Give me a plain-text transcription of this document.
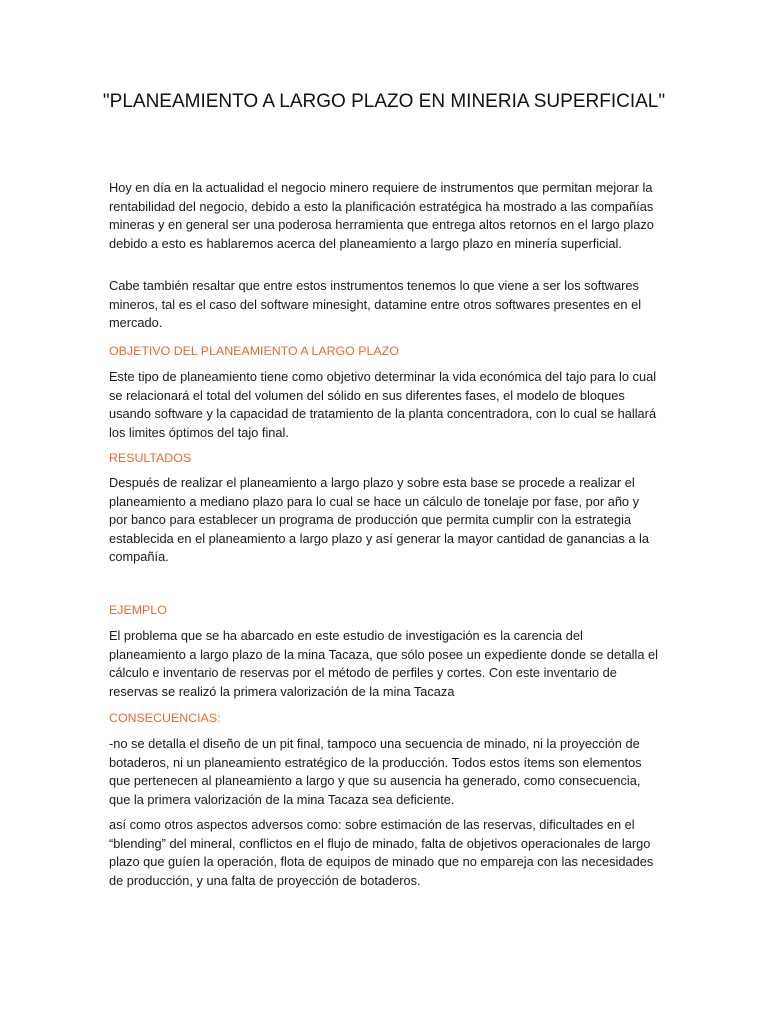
"PLANEAMIENTO A LARGO PLAZO EN MINERIA SUPERFICIAL"

Hoy en día en la actualidad el negocio minero requiere de instrumentos que permitan mejorar la rentabilidad del negocio, debido a esto la planificación estratégica ha mostrado a las compañías mineras y en general ser una poderosa herramienta que entrega altos retornos en el largo plazo debido a esto es hablaremos acerca del planeamiento a largo plazo en minería superficial.

Cabe también resaltar que entre estos instrumentos tenemos lo que viene a ser los softwares mineros, tal es el caso del software minesight, datamine entre otros softwares presentes en el mercado.

OBJETIVO DEL PLANEAMIENTO A LARGO PLAZO

Este tipo de planeamiento tiene como objetivo determinar la vida económica del tajo para lo cual se relacionará el total del volumen del sólido en sus diferentes fases, el modelo de bloques usando software y la capacidad de tratamiento de la planta concentradora, con lo cual se hallará los limites óptimos del tajo final.

RESULTADOS

Después de realizar el planeamiento a largo plazo y sobre esta base se procede a realizar el planeamiento a mediano plazo para lo cual se hace un cálculo de tonelaje por fase, por año y por banco para establecer un programa de producción que permita cumplir con la estrategia establecida en el planeamiento a largo plazo y así generar la mayor cantidad de ganancias a la compañía.

EJEMPLO

El problema que se ha abarcado en este estudio de investigación es la carencia del planeamiento a largo plazo de la mina Tacaza, que sólo posee un expediente donde se detalla el cálculo e inventario de reservas por el método de perfiles y cortes. Con este inventario de reservas se realizó la primera valorización de la mina Tacaza

CONSECUENCIAS:

-no se detalla el diseño de un pit final, tampoco una secuencia de minado, ni la proyección de botaderos, ni un planeamiento estratégico de la producción. Todos estos ítems son elementos que pertenecen al planeamiento a largo y que su ausencia ha generado, como consecuencia, que la primera valorización de la mina Tacaza sea deficiente.

así como otros aspectos adversos como: sobre estimación de las reservas, dificultades en el “blending” del mineral, conflictos en el flujo de minado, falta de objetivos operacionales de largo plazo que guíen la operación, flota de equipos de minado que no empareja con las necesidades de producción, y una falta de proyección de botaderos.
